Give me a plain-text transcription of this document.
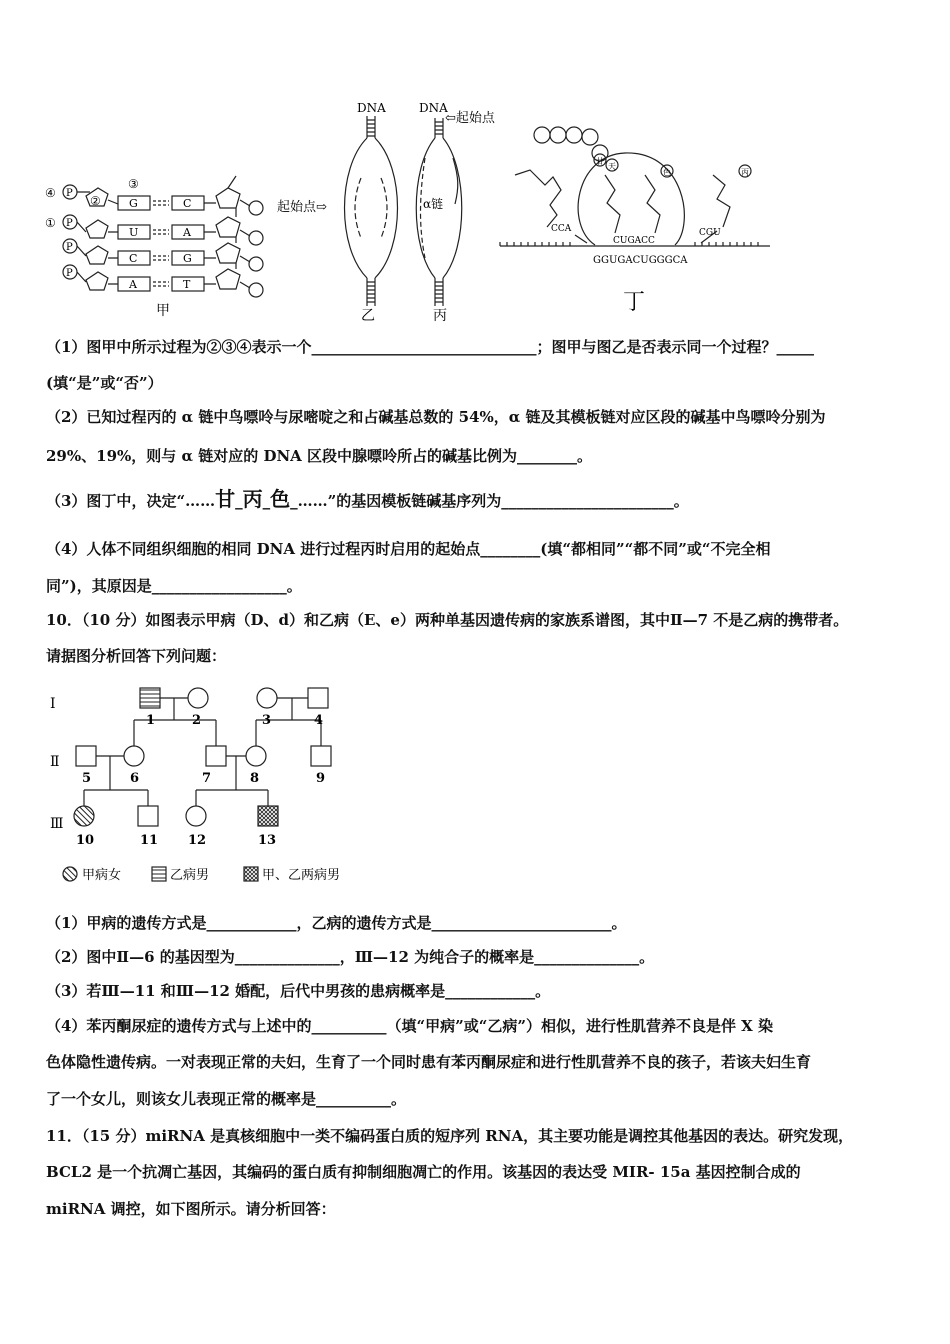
④ P
① P
P
P
②
③
G
U
C
A
C
A
G
T
甲
DNA
起始点⇨
乙
DNA
⇦起始点
α链
丙
甘
天
色	丙
CCA
CUGACC
CGU
GGUGACUGGGCA
丁
（1）图甲中所示过程为②③④表示一个______________________________；图甲与图乙是否表示同一个过程？_____
(填“是”或“否”）
（2）已知过程丙的 α 链中鸟嘌呤与尿嘧啶之和占碱基总数的 54%，α 链及其模板链对应区段的碱基中鸟嘌呤分别为
29%、19%，则与 α 链对应的 DNA 区段中腺嘌呤所占的碱基比例为________。
（3）图丁中，决定“……甘_丙_色_……”的基因模板链碱基序列为_______________________。
（4）人体不同组织细胞的相同 DNA 进行过程丙时启用的起始点________(填“都相同”“都不同”或“不完全相
同”)，其原因是__________________。
10．（10 分）如图表示甲病（D、d）和乙病（E、e）两种单基因遗传病的家族系谱图，其中Ⅱ—7 不是乙病的携带者。
请据图分析回答下列问题：
Ⅰ
Ⅱ
Ⅲ
1	2	3	4
5	6	7	8	9
10	11 12	13
甲病女	乙病男	甲、乙两病男
（1）甲病的遗传方式是____________，乙病的遗传方式是________________________。
（2）图中Ⅱ—6 的基因型为______________，Ⅲ—12 为纯合子的概率是______________。
（3）若Ⅲ—11 和Ⅲ—12 婚配，后代中男孩的患病概率是____________。
（4）苯丙酮尿症的遗传方式与上述中的__________（填“甲病”或“乙病”）相似，进行性肌营养不良是伴 X 染
色体隐性遗传病。一对表现正常的夫妇，生育了一个同时患有苯丙酮尿症和进行性肌营养不良的孩子，若该夫妇生育
了一个女儿，则该女儿表现正常的概率是__________。
11．（15 分）miRNA 是真核细胞中一类不编码蛋白质的短序列 RNA，其主要功能是调控其他基因的表达。研究发现，
BCL2 是一个抗凋亡基因，其编码的蛋白质有抑制细胞凋亡的作用。该基因的表达受 MIR- 15a 基因控制合成的
miRNA 调控，如下图所示。请分析回答：
